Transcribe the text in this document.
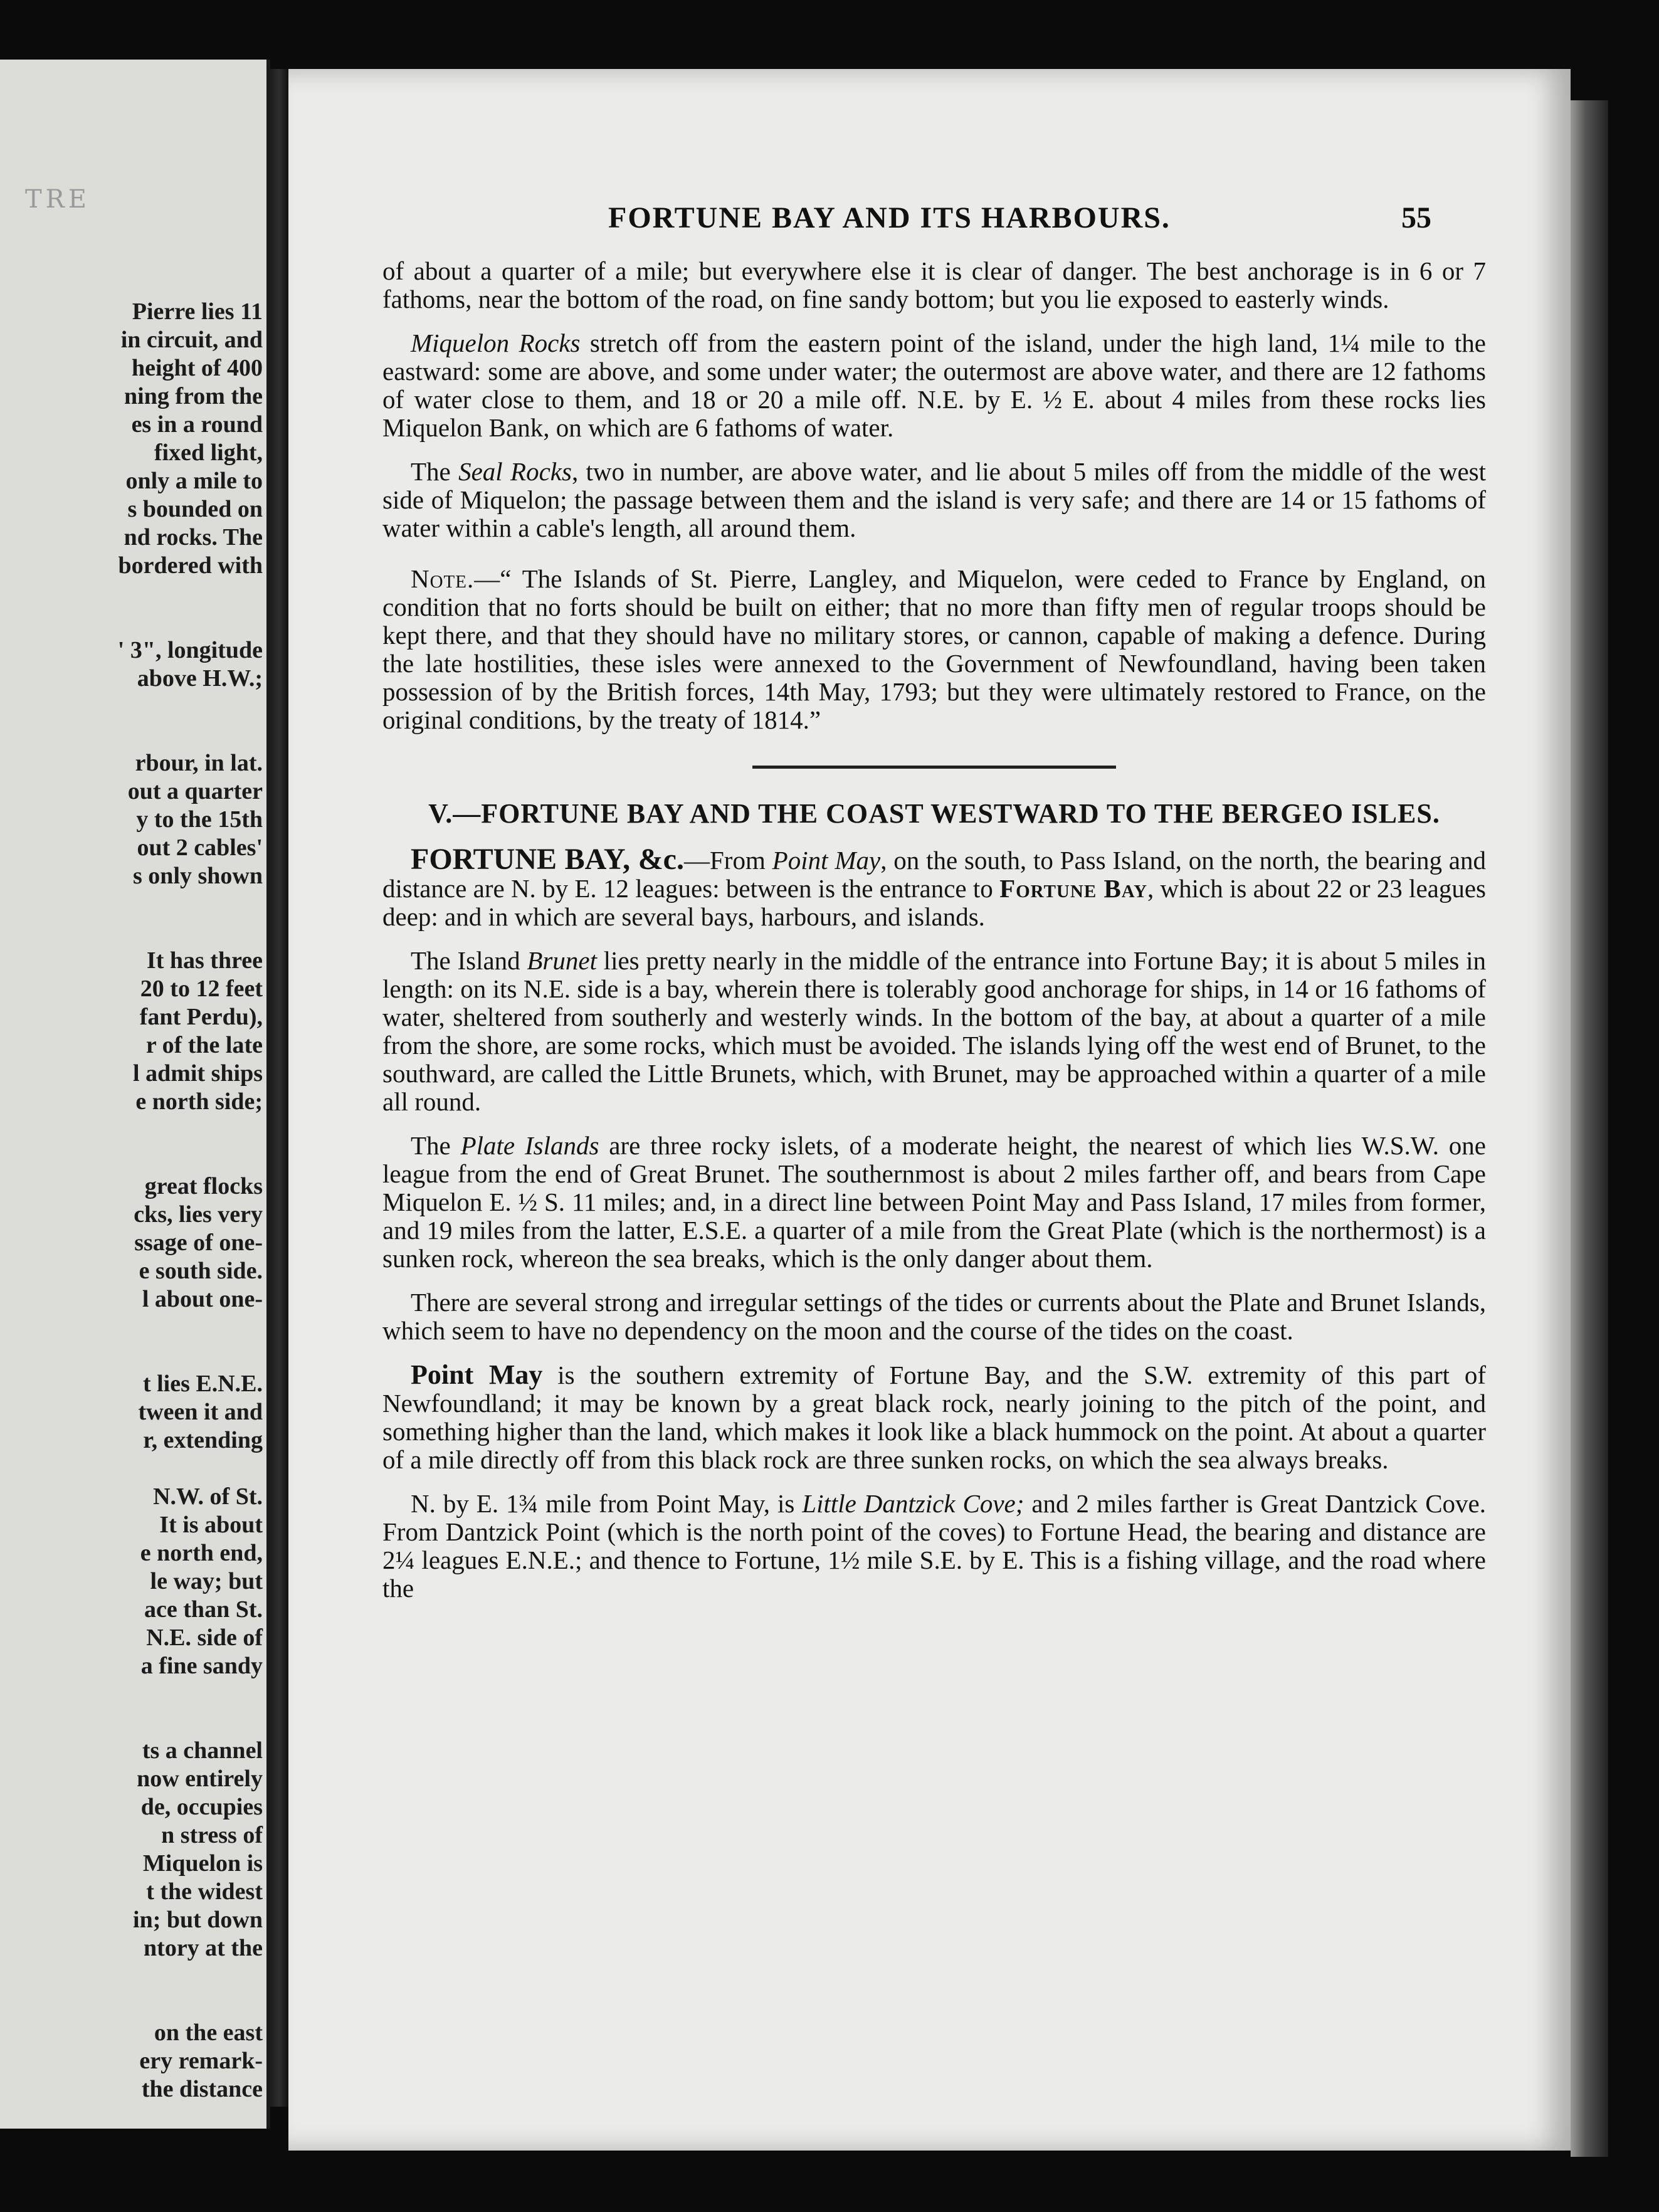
TRE
Pierre lies 11
in circuit, and
height of 400
ning from the
es in a round
fixed light,
only a mile to
s bounded on
nd rocks. The
bordered with

' 3", longitude
above H.W.;

rbour, in lat.
out a quarter
y to the 15th
out 2 cables'
s only shown

It has three
20 to 12 feet
fant Perdu),
r of the late
l admit ships
e north side;

great flocks
cks, lies very
ssage of one-
e south side.
l about one-

t lies E.N.E.
tween it and
r, extending

N.W. of St.
It is about
e north end,
le way; but
ace than St.
N.E. side of
a fine sandy

ts a channel
now entirely
de, occupies
n stress of
Miquelon is
t the widest
in; but down
ntory at the

on the east
ery remark-
the distance
FORTUNE BAY AND ITS HARBOURS.	55

of about a quarter of a mile; but everywhere else it is clear of danger. The best anchorage is in 6 or 7 fathoms, near the bottom of the road, on fine sandy bottom; but you lie exposed to easterly winds.

Miquelon Rocks stretch off from the eastern point of the island, under the high land, 1¼ mile to the eastward: some are above, and some under water; the outermost are above water, and there are 12 fathoms of water close to them, and 18 or 20 a mile off. N.E. by E. ½ E. about 4 miles from these rocks lies Miquelon Bank, on which are 6 fathoms of water.

The Seal Rocks, two in number, are above water, and lie about 5 miles off from the middle of the west side of Miquelon; the passage between them and the island is very safe; and there are 14 or 15 fathoms of water within a cable's length, all around them.

Note.—“ The Islands of St. Pierre, Langley, and Miquelon, were ceded to France by England, on condition that no forts should be built on either; that no more than fifty men of regular troops should be kept there, and that they should have no military stores, or cannon, capable of making a defence. During the late hostilities, these isles were annexed to the Government of Newfoundland, having been taken possession of by the British forces, 14th May, 1793; but they were ultimately restored to France, on the original conditions, by the treaty of 1814.”

V.—FORTUNE BAY AND THE COAST WESTWARD TO THE BERGEO ISLES.

FORTUNE BAY, &c.—From Point May, on the south, to Pass Island, on the north, the bearing and distance are N. by E. 12 leagues: between is the entrance to Fortune Bay, which is about 22 or 23 leagues deep: and in which are several bays, harbours, and islands.

The Island Brunet lies pretty nearly in the middle of the entrance into Fortune Bay; it is about 5 miles in length: on its N.E. side is a bay, wherein there is tolerably good anchorage for ships, in 14 or 16 fathoms of water, sheltered from southerly and westerly winds. In the bottom of the bay, at about a quarter of a mile from the shore, are some rocks, which must be avoided. The islands lying off the west end of Brunet, to the southward, are called the Little Brunets, which, with Brunet, may be approached within a quarter of a mile all round.

The Plate Islands are three rocky islets, of a moderate height, the nearest of which lies W.S.W. one league from the end of Great Brunet. The southernmost is about 2 miles farther off, and bears from Cape Miquelon E. ½ S. 11 miles; and, in a direct line between Point May and Pass Island, 17 miles from former, and 19 miles from the latter, E.S.E. a quarter of a mile from the Great Plate (which is the northermost) is a sunken rock, whereon the sea breaks, which is the only danger about them.

There are several strong and irregular settings of the tides or currents about the Plate and Brunet Islands, which seem to have no dependency on the moon and the course of the tides on the coast.

Point May is the southern extremity of Fortune Bay, and the S.W. extremity of this part of Newfoundland; it may be known by a great black rock, nearly joining to the pitch of the point, and something higher than the land, which makes it look like a black hummock on the point. At about a quarter of a mile directly off from this black rock are three sunken rocks, on which the sea always breaks.

N. by E. 1¾ mile from Point May, is Little Dantzick Cove; and 2 miles farther is Great Dantzick Cove. From Dantzick Point (which is the north point of the coves) to Fortune Head, the bearing and distance are 2¼ leagues E.N.E.; and thence to Fortune, 1½ mile S.E. by E. This is a fishing village, and the road where the
